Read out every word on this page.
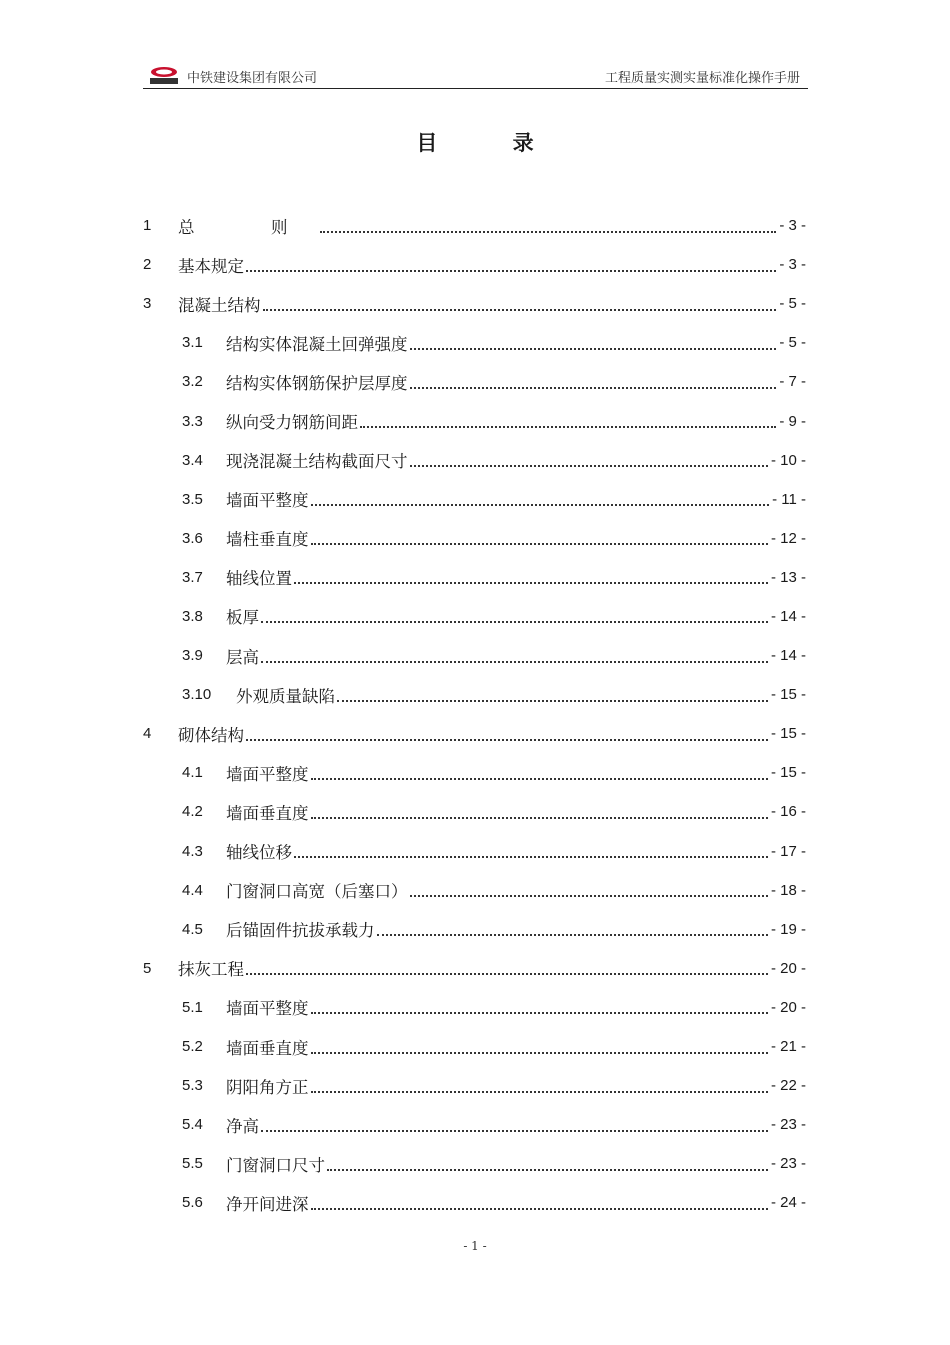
中铁建设集团有限公司	工程质量实测实量标准化操作手册
目 录
1	总　则	- 3 -
2	基本规定	- 3 -
3	混凝土结构	- 5 -
3.1	结构实体混凝土回弹强度	- 5 -
3.2	结构实体钢筋保护层厚度	- 7 -
3.3	纵向受力钢筋间距	- 9 -
3.4	现浇混凝土结构截面尺寸	- 10 -
3.5	墙面平整度	- 11 -
3.6	墙柱垂直度	- 12 -
3.7	轴线位置	- 13 -
3.8	板厚	- 14 -
3.9	层高	- 14 -
3.10	外观质量缺陷	- 15 -
4	砌体结构	- 15 -
4.1	墙面平整度	- 15 -
4.2	墙面垂直度	- 16 -
4.3	轴线位移	- 17 -
4.4	门窗洞口高宽（后塞口）	- 18 -
4.5	后锚固件抗拔承载力	- 19 -
5	抹灰工程	- 20 -
5.1	墙面平整度	- 20 -
5.2	墙面垂直度	- 21 -
5.3	阴阳角方正	- 22 -
5.4	净高	- 23 -
5.5	门窗洞口尺寸	- 23 -
5.6	净开间进深	- 24 -
- 1 -
